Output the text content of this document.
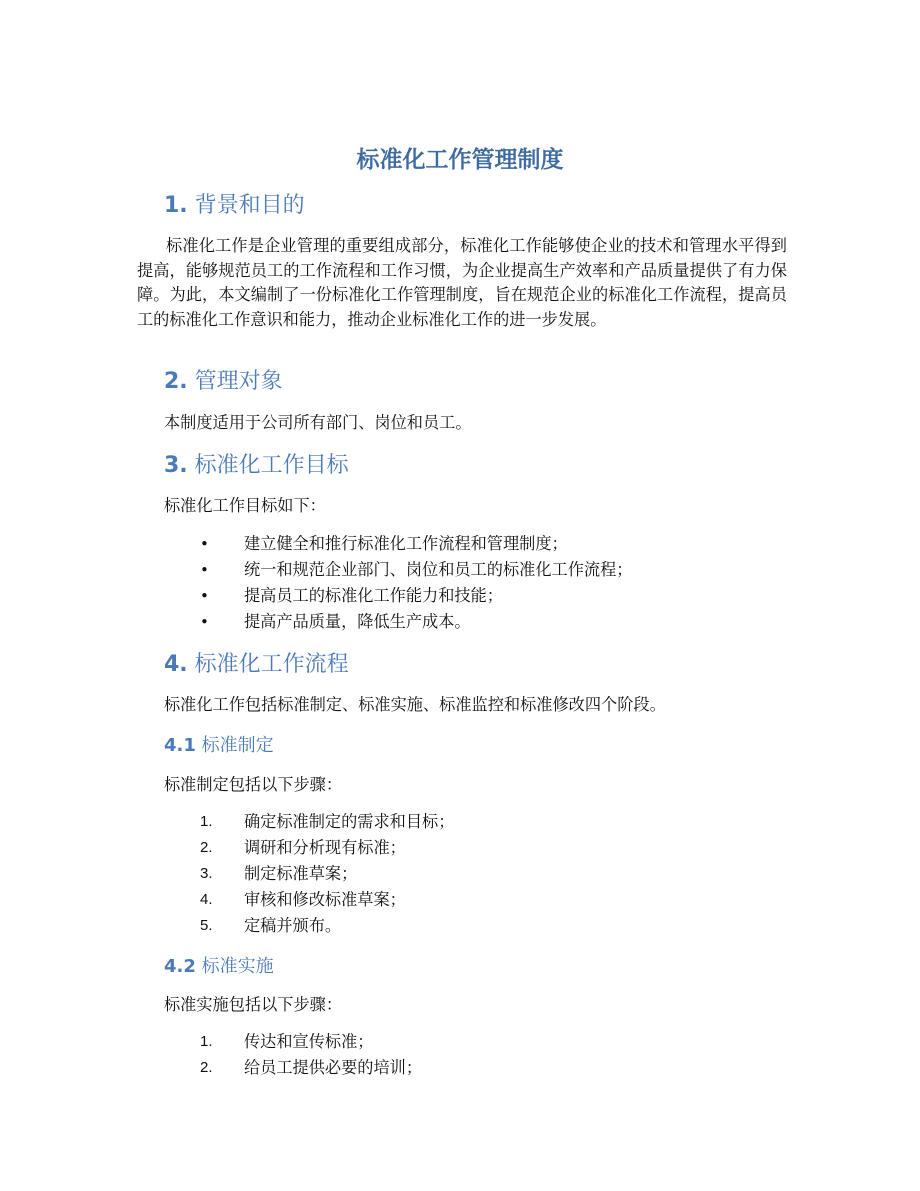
标准化工作管理制度
1. 背景和目的
标准化工作是企业管理的重要组成部分，标准化工作能够使企业的技术和管理水平得到提高，能够规范员工的工作流程和工作习惯，为企业提高生产效率和产品质量提供了有力保障。为此，本文编制了一份标准化工作管理制度，旨在规范企业的标准化工作流程，提高员工的标准化工作意识和能力，推动企业标准化工作的进一步发展。
2. 管理对象
本制度适用于公司所有部门、岗位和员工。
3. 标准化工作目标
标准化工作目标如下：
•	建立健全和推行标准化工作流程和管理制度；
•	统一和规范企业部门、岗位和员工的标准化工作流程；
•	提高员工的标准化工作能力和技能；
•	提高产品质量，降低生产成本。
4. 标准化工作流程
标准化工作包括标准制定、标准实施、标准监控和标准修改四个阶段。
4.1 标准制定
标准制定包括以下步骤：
1.	确定标准制定的需求和目标；
2.	调研和分析现有标准；
3.	制定标准草案；
4.	审核和修改标准草案；
5.	定稿并颁布。
4.2 标准实施
标准实施包括以下步骤：
1.	传达和宣传标准；
2.	给员工提供必要的培训；
